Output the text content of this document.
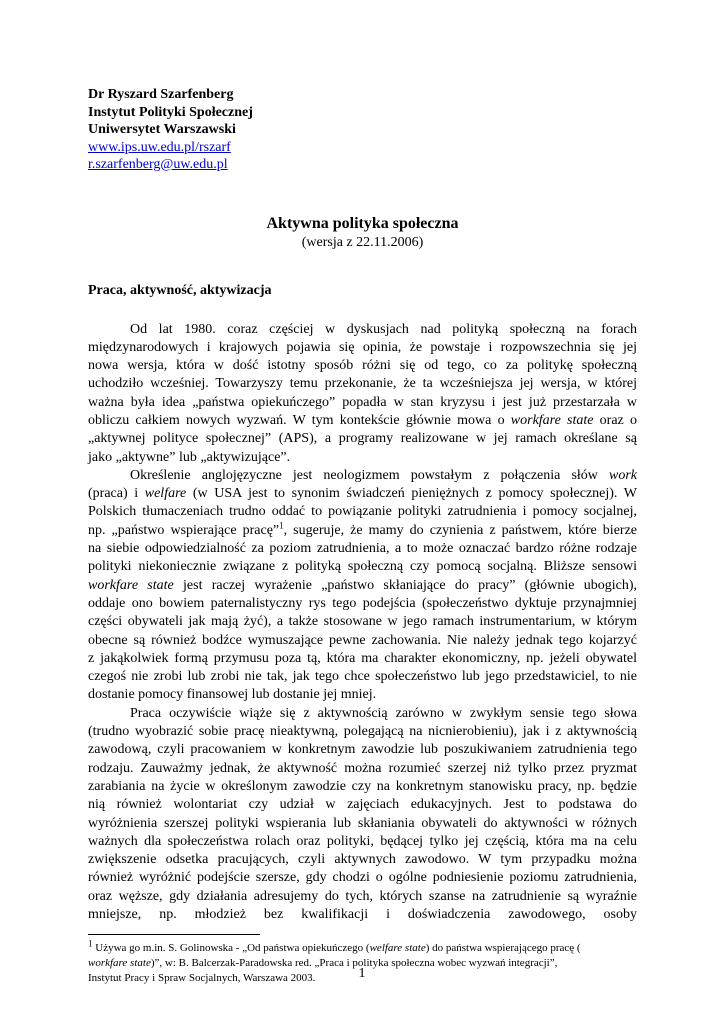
Dr Ryszard Szarfenberg
Instytut Polityki Społecznej
Uniwersytet Warszawski
www.ips.uw.edu.pl/rszarf
r.szarfenberg@uw.edu.pl
Aktywna polityka społeczna
(wersja z 22.11.2006)
Praca, aktywność, aktywizacja

Od lat 1980. coraz częściej w dyskusjach nad polityką społeczną na forach
międzynarodowych i krajowych pojawia się opinia, że powstaje i rozpowszechnia się jej
nowa wersja, która w dość istotny sposób różni się od tego, co za politykę społeczną
uchodziło wcześniej. Towarzyszy temu przekonanie, że ta wcześniejsza jej wersja, w której
ważna była idea „państwa opiekuńczego” popadła w stan kryzysu i jest już przestarzała w
obliczu całkiem nowych wyzwań. W tym kontekście głównie mowa o workfare state oraz o
„aktywnej polityce społecznej” (APS), a programy realizowane w jej ramach określane są
jako „aktywne” lub „aktywizujące”.

Określenie anglojęzyczne jest neologizmem powstałym z połączenia słów work
(praca) i welfare (w USA jest to synonim świadczeń pieniężnych z pomocy społecznej). W
Polskich tłumaczeniach trudno oddać to powiązanie polityki zatrudnienia i pomocy socjalnej,
np. „państwo wspierające pracę”$^1$, sugeruje, że mamy do czynienia z państwem, które bierze
na siebie odpowiedzialność za poziom zatrudnienia, a to może oznaczać bardzo różne rodzaje
polityki niekoniecznie związane z polityką społeczną czy pomocą socjalną. Bliższe sensowi
workfare state jest raczej wyrażenie „państwo skłaniające do pracy” (głównie ubogich),
oddaje ono bowiem paternalistyczny rys tego podejścia (społeczeństwo dyktuje przynajmniej
części obywateli jak mają żyć), a także stosowane w jego ramach instrumentarium, w którym
obecne są również bodźce wymuszające pewne zachowania. Nie należy jednak tego kojarzyć
z jakąkolwiek formą przymusu poza tą, która ma charakter ekonomiczny, np. jeżeli obywatel
czegoś nie zrobi lub zrobi nie tak, jak tego chce społeczeństwo lub jego przedstawiciel, to nie
dostanie pomocy finansowej lub dostanie jej mniej.

Praca oczywiście wiąże się z aktywnością zarówno w zwykłym sensie tego słowa
(trudno wyobrazić sobie pracę nieaktywną, polegającą na nicnierobieniu), jak i z aktywnością
zawodową, czyli pracowaniem w konkretnym zawodzie lub poszukiwaniem zatrudnienia tego
rodzaju. Zauważmy jednak, że aktywność można rozumieć szerzej niż tylko przez pryzmat
zarabiania na życie w określonym zawodzie czy na konkretnym stanowisku pracy, np. będzie
nią również wolontariat czy udział w zajęciach edukacyjnych. Jest to podstawa do
wyróżnienia szerszej polityki wspierania lub skłaniania obywateli do aktywności w różnych
ważnych dla społeczeństwa rolach oraz polityki, będącej tylko jej częścią, która ma na celu
zwiększenie odsetka pracujących, czyli aktywnych zawodowo. W tym przypadku można
również wyróżnić podejście szersze, gdy chodzi o ogólne podniesienie poziomu zatrudnienia,
oraz węższe, gdy działania adresujemy do tych, których szanse na zatrudnienie są wyraźnie
mniejsze, np. młodzież bez kwalifikacji i doświadczenia zawodowego, osoby

$^1$ Używa go m.in. S. Golinowska - „Od państwa opiekuńczego (welfare state) do państwa wspierającego pracę (
workfare state)”, w: B. Balcerzak-Paradowska red. „Praca i polityka społeczna wobec wyzwań integracji”,
Instytut Pracy i Spraw Socjalnych, Warszawa 2003.	1
